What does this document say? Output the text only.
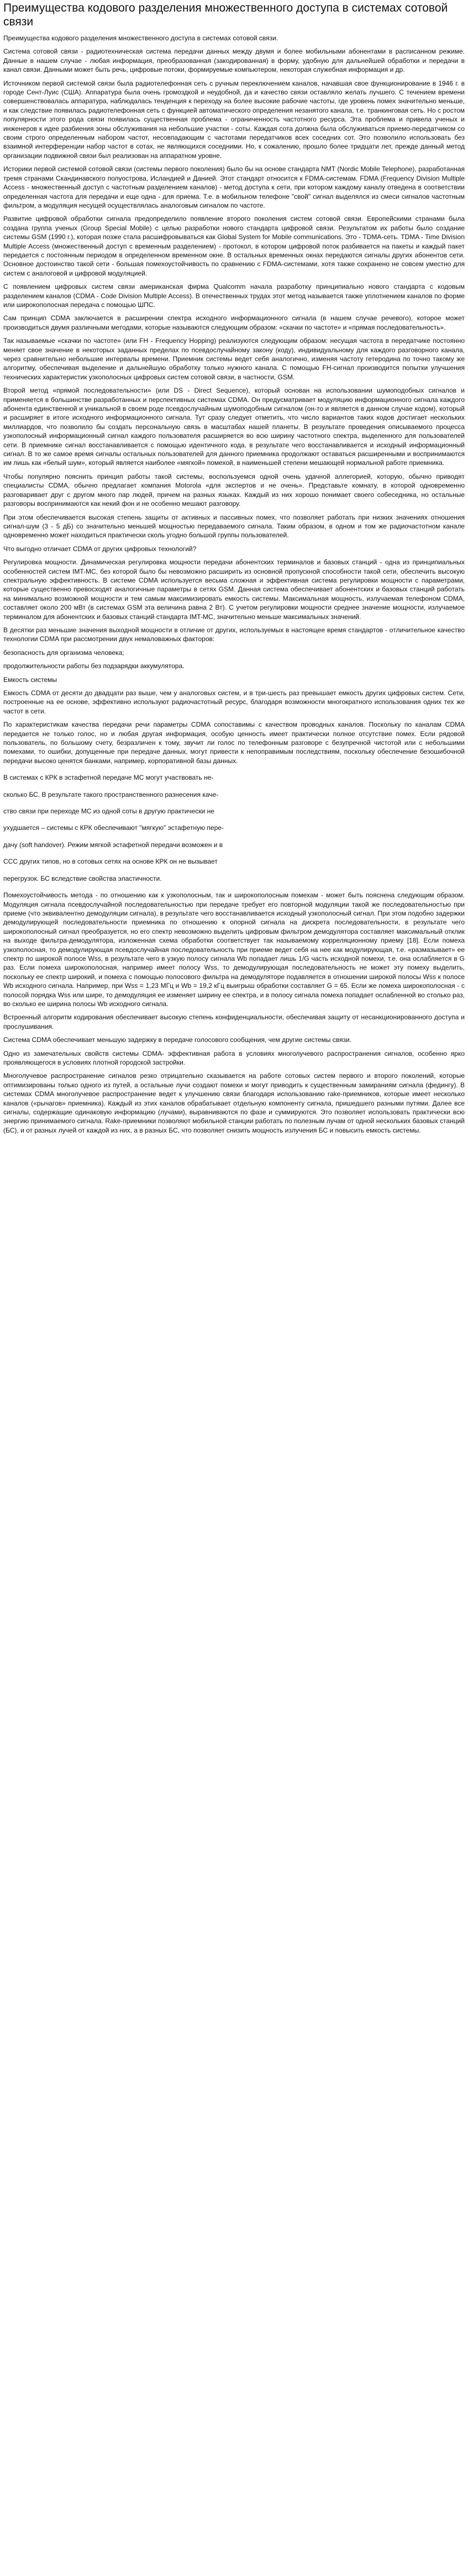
Преимущества кодового разделения множественного доступа в системах сотовой связи

Преимущества кодового разделения множественного доступа в системах сотовой связи.

Система сотовой связи - радиотехническая система передачи данных между двумя и более мобильными абонентами в расписанном режиме. Данные в нашем случае - любая информация, преобразованная (закодированная) в форму, удобную для дальнейшей обработки и передачи в канал связи. Данными может быть речь, цифровые потоки, формируемые компьютером, некоторая служебная информация и др.

Источником первой системой связи была радиотелефонная сеть с ручным переключением каналов, начавшая свое функционирование в 1946 г. в городе Сент-Луис (США). Аппаратура была очень громоздкой и неудобной, да и качество связи оставляло желать лучшего. С течением времени совершенствовалась аппаратура, наблюдалась тенденция к переходу на более высокие рабочие частоты, где уровень помех значительно меньше, и как следствие появилась радиотелефонная сеть с функцией автоматического определения незанятого канала, т.е. транкинговая сеть. Но с ростом популярности этого рода связи появилась существенная проблема - ограниченность частотного ресурса. Эта проблема и привела ученых и инженеров к идее разбиения зоны обслуживания на небольшие участки - соты. Каждая сота должна была обслуживаться приемо-передатчиком со своим строго определенным набором частот, несовпадающим с частотами передатчиков всех соседних сот. Это позволило использовать без взаимной интерференции набор частот в сотах, не являющихся соседними. Но, к сожалению, прошло более тридцати лет, прежде данный метод организации подвижной связи был реализован на аппаратном уровне.

Историки первой системой сотовой связи (системы первого поколения) было бы на основе стандарта NMT (Nordic Mobile Telephone), разработанная тремя странами Скандинавского полуострова, Исландией и Данией. Этот стандарт относится к FDMA-системам. FDMA (Frequency Division Multiple Access - множественный доступ с частотным разделением каналов) - метод доступа к сети, при котором каждому каналу отведена в соответствии определенная частота для передачи и еще одна - для приема. Т.е. в мобильном телефоне "свой" сигнал выделялся из смеси сигналов частотным фильтром, а модуляция несущей осуществлялась аналоговым сигналом по частоте.

Развитие цифровой обработки сигнала предопределило появление второго поколения систем сотовой связи. Европейскими странами была создана группа ученых (Group Special Mobile) с целью разработки нового стандарта цифровой связи. Результатом их работы было создание системы GSM (1990 г.), которая позже стала расшифровываться как Global System for Mobile communications. Это - TDMA-сеть. TDMA - Time Division Multiple Access (множественный доступ с временным разделением) - протокол, в котором цифровой поток разбивается на пакеты и каждый пакет передается с постоянным периодом в определенном временном окне. В остальных временных окнах передаются сигналы других абонентов сети. Основное достоинство такой сети - большая помехоустойчивость по сравнению с FDMA-системами, хотя также сохранено не совсем уместно для систем с аналоговой и цифровой модуляцией.

С появлением цифровых систем связи американская фирма Qualcomm начала разработку принципиально нового стандарта с кодовым разделением каналов (CDMA - Code Division Multiple Access). В отечественных трудах этот метод называется также уплотнением каналов по форме или широкополосная передача с помощью ШПС.

Сам принцип CDMA заключается в расширении спектра исходного информационного сигнала (в нашем случае речевого), которое может производиться двумя различными методами, которые называются следующим образом: «скачки по частоте» и «прямая последовательность».

Так называемые «скачки по частоте» (или FH - Frequency Hopping) реализуются следующим образом: несущая частота в передатчике постоянно меняет свое значение в некоторых заданных пределах по псевдослучайному закону (коду), индивидуальному для каждого разговорного канала, через сравнительно небольшие интервалы времени. Приемник системы ведет себя аналогично, изменяя частоту гетеродина по точно такому же алгоритму, обеспечивая выделение и дальнейшую обработку только нужного канала. С помощью FH-сигнал производится попытки улучшения технических характеристик узкополосных цифровых систем сотовой связи, в частности, GSM.

Второй метод «прямой последовательности» (или DS - Direct Sequence), который основан на использовании шумоподобных сигналов и применяется в большинстве разработанных и перспективных системах CDMA. Он предусматривает модуляцию информационного сигнала каждого абонента единственной и уникальной в своем роде псевдослучайным шумоподобным сигналом (он-то и является в данном случае кодом), который и расширяет в итоге исходного информационного сигнала. Тут сразу следует отметить, что число вариантов таких кодов достигает нескольких миллиардов, что позволило бы создать персональную связь в масштабах нашей планеты. В результате проведения описываемого процесса узкополосный информационный сигнал каждого пользователя расширяется во всю ширину частотного спектра, выделенного для пользователей сети. В приемнике сигнал восстанавливается с помощью идентичного кода, в результате чего восстанавливается и исходный информационный сигнал. В то же самое время сигналы остальных пользователей для данного приемника продолжают оставаться расширенными и воспринимаются им лишь как «белый шум», который является наиболее «мягкой» помехой, в наименьшей степени мешающей нормальной работе приемника.

Чтобы популярно пояснить принцип работы такой системы, воспользуемся одной очень удачной аллегорией, которую, обычно приводят специалисты CDMA, обычно предлагает компания Motorola «для экспертов и не очень». Представьте комнату, в которой одновременно разговаривает друг с другом много пар людей, причем на разных языках. Каждый из них хорошо понимает своего собеседника, но остальные разговоры воспринимаются как некий фон и не особенно мешают разговору.

При этом обеспечивается высокая степень защиты от активных и пассивных помех, что позволяет работать при низких значениях отношения сигнал-шум (3 - 5 дБ) со значительно меньшей мощностью передаваемого сигнала. Таким образом, в одном и том же радиочастотном канале одновременно может находиться практически сколь угодно большой группы пользователей.

Что выгодно отличает CDMA от других цифровых технологий?

Регулировка мощности. Динамическая регулировка мощности передачи абонентских терминалов и базовых станций - одна из принципиальных особенностей систем IMT-MC, без которой было бы невозможно расширить из основной пропускной способности такой сети, обеспечить высокую спектральную эффективность. В системе CDMA используется весьма сложная и эффективная система регулировки мощности с параметрами, которые существенно превосходят аналогичные параметры в сетях GSM. Данная система обеспечивает абонентских и базовых станций работать на минимально возможной мощности и тем самым максимизировать емкость системы. Максимальная мощность, излучаемая телефоном CDMA, составляет около 200 мВт (в системах GSM эта величина равна 2 Вт). С учетом регулировки мощности среднее значение мощности, излучаемое терминалом для абонентских и базовых станций стандарта IMT-MC, значительно меньше максимальных значений.

В десятки раз меньшие значения выходной мощности в отличие от других, используемых в настоящее время стандартов - отличительное качество технологии CDMA при рассмотрении двух немаловажных факторов:

безопасность для организма человека;

продолжительности работы без подзарядки аккумулятора.

Емкость системы

Емкость CDMA от десяти до двадцати раз выше, чем у аналоговых систем, и в три-шесть раз превышает емкость других цифровых систем. Сети, построенные на ее основе, эффективно используют радиочастотный ресурс, благодаря возможности многократного использования одних тех же частот в сети.

По характеристикам качества передачи речи параметры CDMA сопоставимы с качеством проводных каналов. Поскольку по каналам CDMA передается не только голос, но и любая другая информация, особую ценность имеет практически полное отсутствие помех. Если рядовой пользователь, по большому счету, безразличен к тому, звучит ли голос по телефонным разговоре с безупречной чистотой или с небольшими помехами, то ошибки, допущенные при передаче данных, могут привести к непоправимым последствиям, поскольку обеспечение безошибочной передачи высоко ценятся банками, например, корпоративной базы данных.

В системах с КРК в эстафетной передаче МС могут участвовать не-

сколько БС. В результате такого пространственного разнесения каче-

ство связи при переходе МС из одной соты в другую практически не

ухудшается – системы с КРК обеспечивают "мягкую" эстафетную пере-

дачу (soft handover). Режим мягкой эстафетной передачи возможен и в

ССС других типов, но в сотовых сетях на основе КРК он не вызывает

перегрузок. БС вследствие свойства эластичности.

Помехоустойчивость метода - по отношению как к узкополосным, так и широкополосным помехам - может быть пояснена следующим образом. Модуляция сигнала псевдослучайной последовательностью при передаче требует его повторной модуляции такой же последовательностью при приеме (что эквивалентно демодуляции сигнала), в результате чего восстанавливается исходный узкополосный сигнал. При этом подобно задержки демодулирующей последовательности приемника по отношению к опорной сигнала на дискрета последовательности, в результате чего широкополосный сигнал преобразуется, но его спектр невозможно выделить цифровым фильтром демодулятора составляет максимальный отклик на выходе фильтра-демодулятора, изложенная схема обработки соответствует так называемому корреляционному приему [18]. Если помеха узкополосная, то демодулирующая псевдослучайная последовательность при приеме ведет себя на нее как модулирующая, т.е. «размазывает» ее спектр по широкой полосе Wss, в результате чего в узкую полосу сигнала Wb попадает лишь 1/G часть исходной помехи, т.е. она ослабляется в G раз. Если помеха широкополосная, например имеет полосу Wss, то демодулирующая последовательность не может эту помеху выделить, поскольку ее спектр широкий, и помеха с помощью полосового фильтра на демодуляторе подавляется в отношении широкой полосы Wss к полосе Wb исходного сигнала. Например, при Wss = 1,23 МГц и Wb = 19,2 кГц выигрыш обработки составляет G = 65. Если же помеха широкополосная - с полосой порядка Wss или шире, то демодуляция ее изменяет ширину ее спектра, и в полосу сигнала помеха попадает ослабленной во столько раз, во сколько ее ширина полосы Wb исходного сигнала.

Встроенный алгоритм кодирования обеспечивает высокую степень конфиденциальности, обеспечивая защиту от несанкционированного доступа и прослушивания.

Система CDMA обеспечивает меньшую задержку в передаче голосового сообщения, чем другие системы связи.

Одно из замечательных свойств системы CDMA- эффективная работа в условиях многолучевого распространения сигналов, особенно ярко проявляющегося в условиях плотной городской застройки.

Многолучевое распространение сигналов резко отрицательно сказывается на работе сотовых систем первого и второго поколений, которые оптимизированы только одного из путей, а остальные лучи создают помехи и могут приводить к существенным замираниям сигнала (федингу). В системах CDMA многолучевое распространение ведет к улучшению связи благодаря использованию rake-приемников, которые имеет несколько каналов («рычагов» приемника). Каждый из этих каналов обрабатывает отдельную компоненту сигнала, пришедшего разными путями. Далее все сигналы, содержащие одинаковую информацию (лучами), выравниваются по фазе и суммируются. Это позволяет использовать практически всю энергию принимаемого сигнала. Rake-приемники позволяют мобильной станции работать по полезным лучам от одной нескольких базовых станций (БС), и от разных лучей от каждой из них, а в разных БС, что позволяет снизить мощность излучения БС и повысить емкость системы.
